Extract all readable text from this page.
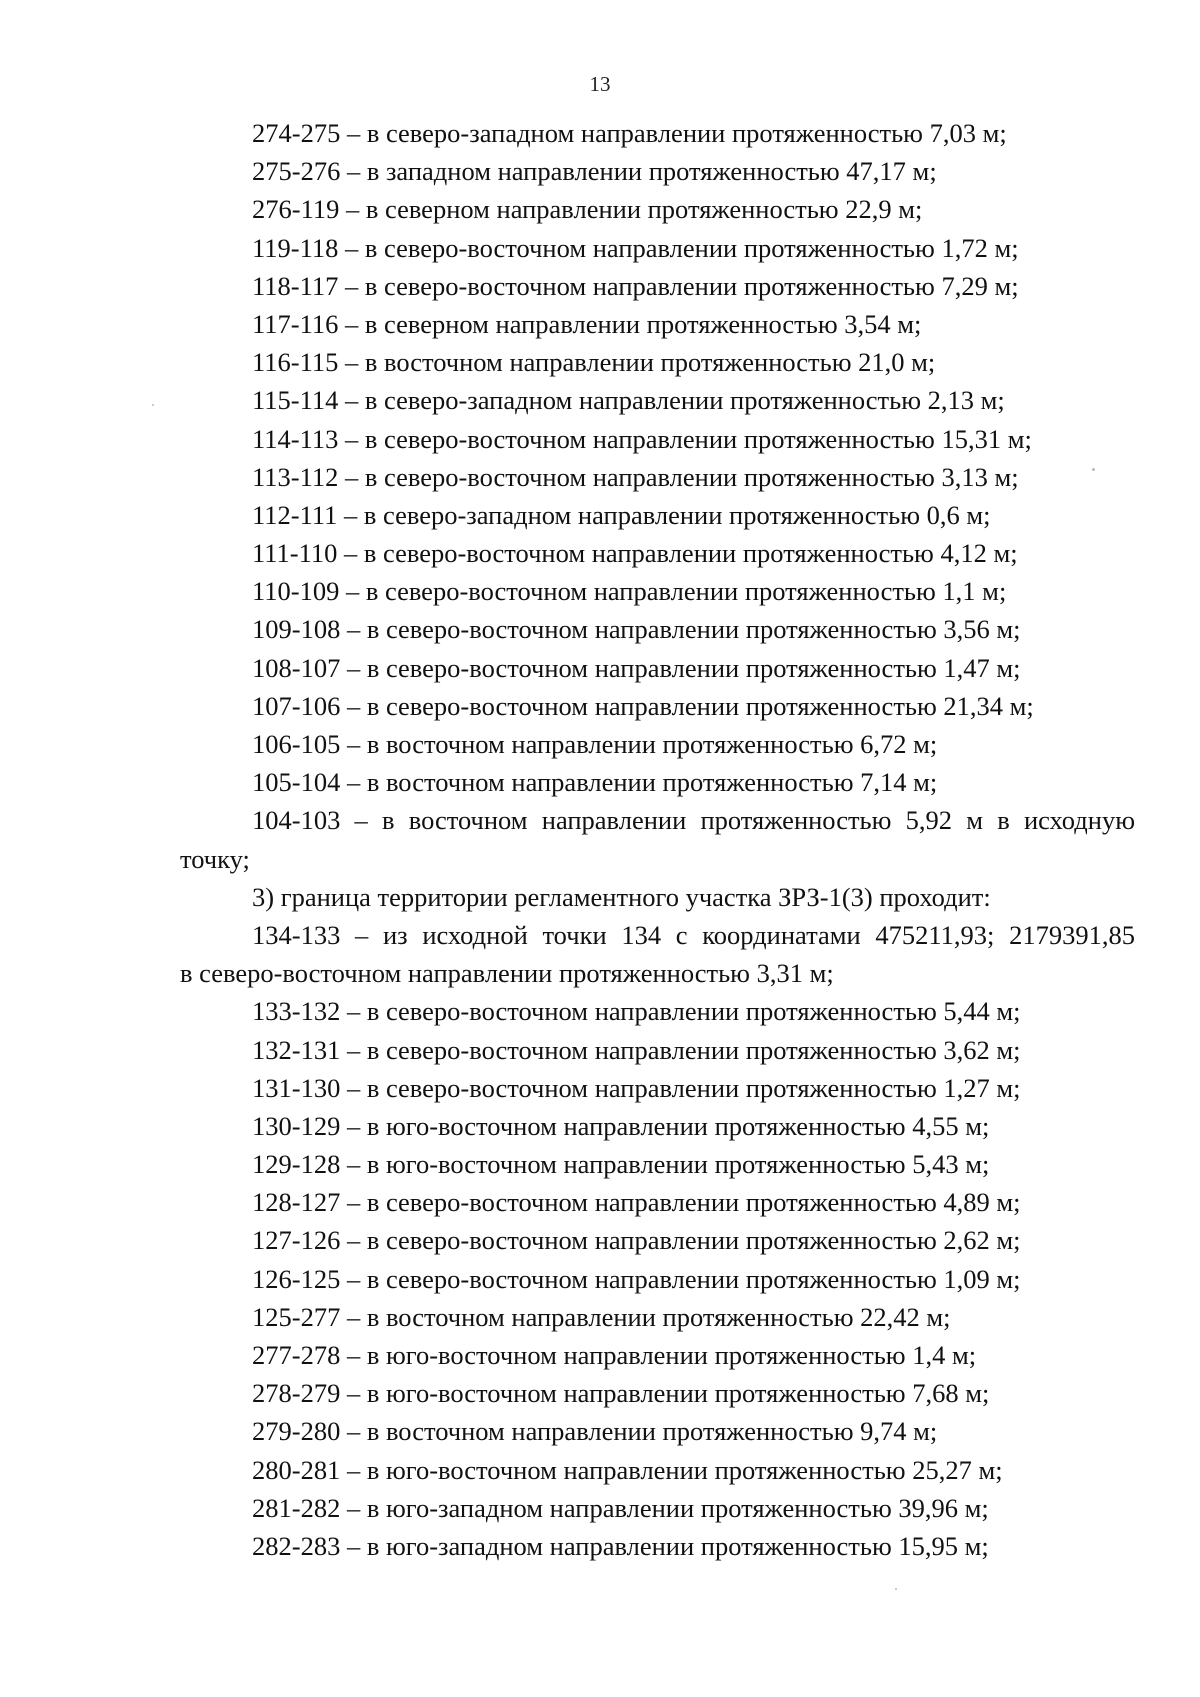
13
274-275 – в северо-западном направлении протяженностью 7,03 м;
275-276 – в западном направлении протяженностью 47,17 м;
276-119 – в северном направлении протяженностью 22,9 м;
119-118 – в северо-восточном направлении протяженностью 1,72 м;
118-117 – в северо-восточном направлении протяженностью 7,29 м;
117-116 – в северном направлении протяженностью 3,54 м;
116-115 – в восточном направлении протяженностью 21,0 м;
115-114 – в северо-западном направлении протяженностью 2,13 м;
114-113 – в северо-восточном направлении протяженностью 15,31 м;
113-112 – в северо-восточном направлении протяженностью 3,13 м;
112-111 – в северо-западном направлении протяженностью 0,6 м;
111-110 – в северо-восточном направлении протяженностью 4,12 м;
110-109 – в северо-восточном направлении протяженностью 1,1 м;
109-108 – в северо-восточном направлении протяженностью 3,56 м;
108-107 – в северо-восточном направлении протяженностью 1,47 м;
107-106 – в северо-восточном направлении протяженностью 21,34 м;
106-105 – в восточном направлении протяженностью 6,72 м;
105-104 – в восточном направлении протяженностью 7,14 м;
104-103 – в восточном направлении протяженностью 5,92 м в исходную
точку;
3) граница территории регламентного участка ЗРЗ-1(3) проходит:
134-133 – из исходной точки 134 с координатами 475211,93; 2179391,85
в северо-восточном направлении протяженностью 3,31 м;
133-132 – в северо-восточном направлении протяженностью 5,44 м;
132-131 – в северо-восточном направлении протяженностью 3,62 м;
131-130 – в северо-восточном направлении протяженностью 1,27 м;
130-129 – в юго-восточном направлении протяженностью 4,55 м;
129-128 – в юго-восточном направлении протяженностью 5,43 м;
128-127 – в северо-восточном направлении протяженностью 4,89 м;
127-126 – в северо-восточном направлении протяженностью 2,62 м;
126-125 – в северо-восточном направлении протяженностью 1,09 м;
125-277 – в восточном направлении протяженностью 22,42 м;
277-278 – в юго-восточном направлении протяженностью 1,4 м;
278-279 – в юго-восточном направлении протяженностью 7,68 м;
279-280 – в восточном направлении протяженностью 9,74 м;
280-281 – в юго-восточном направлении протяженностью 25,27 м;
281-282 – в юго-западном направлении протяженностью 39,96 м;
282-283 – в юго-западном направлении протяженностью 15,95 м;
